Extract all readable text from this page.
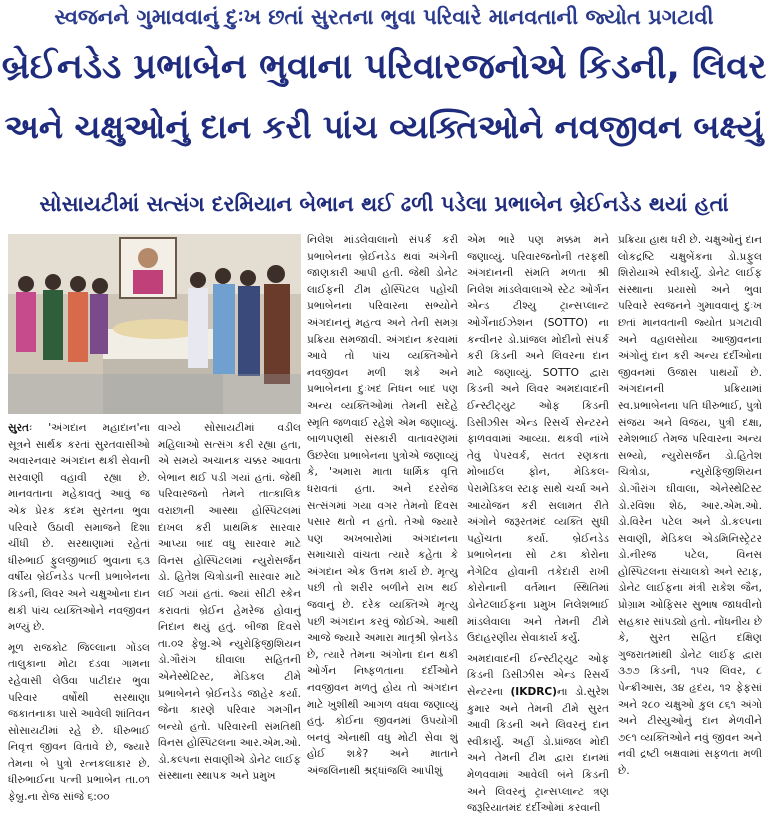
સ્વજનને ગુમાવવાનું દુઃખ છતાં સુરતના ભુવા પરિવારે માનવતાની જ્યોત પ્રગટાવી
બ્રેઈનડેડ પ્રભાબેન ભુવાના પરિવારજનોએ કિડની, લિવર
અને ચક્ષુઓનું દાન કરી પાંચ વ્યક્તિઓને નવજીવન બક્ષ્યું
સોસાયટીમાં સત્સંગ દરમિયાન બેભાન થઈ ઢળી પડેલા પ્રભાબેન બ્રેઈનડેડ થયાં હતાં

સુરતઃ 'અંગદાન મહાદાન'ના સૂત્રને સાર્થક કરતાં સુરતવાસીઓ અવારનવાર અંગદાન થકી સેવાની સરવાણી વહાવી રહ્યા છે. માનવતાના મહેકાવતું આવું જ એક પ્રેરક કદમ સુરતના ભુવા પરિવારે ઉઠાવી સમાજને દિશા ચીંધી છે. સરથાણામાં રહેતાં ધીરુભાઈ ફુલજીભાઈ ભુવાના ૬૩ વર્ષીય બ્રેઈનડેડ પત્ની પ્રભાબેનના કિડની, લિવર અને ચક્ષુઓના દાન થકી પાંચ વ્યક્તિઓને નવજીવન મળ્યું છે.

મૂળ રાજકોટ જિલ્લાના ગોંડલ તાલુકાના મોટા દડવા ગામના રહેવાસી લેઉવા પાટીદાર ભુવા પરિવાર વર્ષોથી સરથાણા જકાતનાકા પાસે આવેલી શાંતિવન સોસાયટીમાં રહે છે. ધીરુભાઈ નિવૃત્ત જીવન વિતાવે છે, જ્યારે તેમના બે પુત્રો રત્નકલાકાર છે. ધીરુભાઈના પત્ની પ્રભાબેન તા.૦૧ ફેબ્રુ.ના રોજ સાંજે ૬:૦૦

વાગ્યે સોસાયટીમાં વડીલ મહિલાઓ સત્સંગ કરી રહ્યા હતા, એ સમયે અચાનક ચક્કર આવતા બેભાન થઈ પડી ગયાં હતાં. જેથી પરિવારજનો તેમને તાત્કાલિક વરાછાની આસ્થા હોસ્પિટલમાં દાખલ કરી પ્રાથમિક સારવાર આપ્યા બાદ વધુ સારવાર માટે વિનસ હોસ્પિટલમાં ન્યુરોસર્જન ડો. હિતેશ ચિત્રોડાની સારવાર માટે લઈ ગયાં હતાં. જ્યાં સીટી સ્કેન કરાવતાં બ્રેઈન હેમરેજ હોવાનું નિદાન થયું હતું. બીજા દિવસે તા.૦૨ ફેબ્રુ.એ ન્યુરોફિજીશિયન ડો.ગૌરાંગ ઘીવાલા સહિતની એનેસ્થેટિસ્ટ, મેડિકલ ટીમે પ્રભાબેનને બ્રેઈનડેડ જાહેર કર્યા. જેના કારણે પરિવાર ગમગીન બન્યો હતો. પરિવારની સંમતિથી વિનસ હોસ્પિટલના આર.એમ.ઓ. ડો.કલ્પના સવાણીએ ડોનેટ લાઈફ સંસ્થાના સ્થાપક અને પ્રમુખ

નિલેશ માંડલેવાલાનો સંપર્ક કરી પ્રભાબેનના બ્રેઈનડેડ થવાં અંગેની જાણકારી આપી હતી. જેથી ડોનેટ લાઈફની ટીમ હોસ્પિટલ પહોંચી પ્રભાબેનના પરિવારના સભ્યોને અંગદાનનું મહત્વ અને તેની સમગ્ર પ્રક્રિયા સમજાવી. અંગદાન કરવામાં આવે તો પાંચ વ્યક્તિઓને નવજીવન મળી શકે અને પ્રભાબેનના દુઃખદ નિધન બાદ પણ અન્ય વ્યક્તિઓમાં તેમની સદેહે સ્મૃતિ જળવાઈ રહેશે એમ જણાવ્યું. બાળપણથી સંસ્કારી વાતાવરણમાં ઉછરેલા પ્રભાબેનના પુત્રોએ જણાવ્યું કે, 'અમારા માતા ધાર્મિક વૃત્તિ ધરાવતાં હતા. અને દરરોજ સત્સંગમાં ગયા વગર તેમનો દિવસ પસાર થતો ન હતો. તેઓ જ્યારે પણ અખબારોમાં અંગદાનના સમાચારો વાંચતા ત્યારે કહેતા કે અંગદાન એક ઉત્તમ કાર્ય છે. મૃત્યુ પછી તો શરીર બળીને રાખ થઈ જવાનું છે. દરેક વ્યક્તિએ મૃત્યુ પછી અંગદાન કરવું જોઈએ. આથી આજે જ્યારે અમારા માતૃશ્રી બ્રેનડેડ છે, ત્યારે તેમના અંગોના દાન થકી ઓર્ગન નિષ્ફળતાના દર્દીઓને નવજીવન મળતું હોય તો અંગદાન માટે ખુશીથી આગળ વધવા જણાવ્યું હતું. કોઈના જીવનમાં ઉપયોગી બનવું એનાથી વધુ મોટી સેવા શું હોઈ શકે? અને માતાને અંજલિનાથી શ્રદ્ધાંજલિ આપીશું

એમ ભારે પણ મક્કમ મને જણાવ્યું. પરિવારજનોની તરફથી અંગદાનની સંમતિ મળતા શ્રી નિલેશ માંડલેવાલાએ સ્ટેટ ઓર્ગન એન્ડ ટીશ્યુ ટ્રાન્સપ્લાન્ટ ઓર્ગેનાઈઝેશન (SOTTO) ના કન્વીનર ડો.પ્રાંજલ મોદીનો સંપર્ક કરી કિડની અને લિવરના દાન માટે જણાવ્યું. SOTTO દ્વારા કિડની અને લિવર અમદાવાદની ઈન્સ્ટીટ્યુટ ઓફ કિડની ડિસીઝીસ એન્ડ રિસર્ચ સેન્ટરને ફાળવવામાં આવ્યા. થકવી નાંખે તેવું પેપરવર્ક, સતત રણકતા મોબાઈલ ફોન, મેડિકલ-પેરામેડિકલ સ્ટાફ સાથે ચર્ચા અને આયોજન કરી સલામત રીતે અંગોને જરૂરતમંદ વ્યક્તિ સુધી પહોંચતા કર્યા. બ્રેઈનડેડ પ્રભાબેનના સો ટકા કોરોના નેગેટિવ હોવાની તકેદારી રાખી કોરોનાની વર્તમાન સ્થિતિમાં ડોનેટલાઈફના પ્રમુખ નિલેશભાઈ માંડલેવાલા અને તેમની ટીમે ઉદાહરણીય સેવાકાર્ય કર્યું.

અમદાવાદની ઈન્સ્ટીટ્યુટ ઓફ કિડની ડિસીઝીસ એન્ડ રિસર્ચ સેન્ટરના (IKDRC)ના ડો.સુરેશ કુમાર અને તેમની ટીમે સુરત આવી કિડની અને લિવરનું દાન સ્વીકાર્યું. અહીં ડો.પ્રાંજલ મોદી અને તેમની ટીમ દ્વારા દાનમાં મેળવવામાં આવેલી બંને કિડની અને લિવરનું ટ્રાન્સપ્લાન્ટ ત્રણ જરૂરિયાતમંદ દર્દીઓમાં કરવાની

પ્રક્રિયા હાથ ધરી છે. ચક્ષુઓનું દાન લોકદ્રષ્ટિ ચક્ષુબેંકના ડો.પ્રફુલ શિરોયાએ સ્વીકાર્યું. ડોનેટ લાઈફ સંસ્થાના પ્રયાસો અને ભુવા પરિવારે સ્વજનને ગુમાવવાનું દુઃખ છતાં માનવતાની જ્યોત પ્રગટાવી અને વહાલસોયા આજીવનના અંગોનું દાન કરી અન્ય દર્દીઓના જીવનમાં ઉજાસ પાથર્યો છે. અંગદાનની પ્રક્રિયામાં સ્વ.પ્રભાબેનના પતિ ધીરુભાઈ, પુત્રો સંજય અને વિજય, પુત્રી દક્ષા, રમેશભાઈ તેમજ પરિવારના અન્ય સભ્યો, ન્યુરોસર્જન ડો.હિતેશ ચિત્રોડા, ન્યુરોફિજીશિયન ડો.ગૌરાંગ ઘીવાલા, એનેસ્થેટિસ્ટ ડો.રવિશા શેઠ, આર.એમ.ઓ. ડો.વિરેન પટેલ અને ડો.કલ્પના સવાણી, મેડિકલ એડમિનિસ્ટ્રેટર ડો.નીરજ પટેલ, વિનસ હોસ્પિટલના સંચાલકો અને સ્ટાફ, ડોનેટ લાઈફના મંત્રી રાકેશ જૈન, પ્રોગ્રામ ઓફિસર સુભાષ જાધવીનો સહકાર સાંપડ્યો હતો. નોંધનીય છે કે, સુરત સહિત દક્ષિણ ગુજરાતમાંથી ડોનેટ લાઈફ દ્વારા ૩૭૭ કિડની, ૧૫૨ લિવર, ૮ પેન્ક્રીઆસ, ૩૪ હૃદય, ૧૨ ફેફસાં અને ૨૮૦ ચક્ષુઓ કુલ ૮૬૧ અંગો અને ટીસ્યુઓનું દાન મેળવીને ૭૯૧ વ્યક્તિઓને નવું જીવન અને નવી દ્રષ્ટી બક્ષવામાં સફળતા મળી છે.
